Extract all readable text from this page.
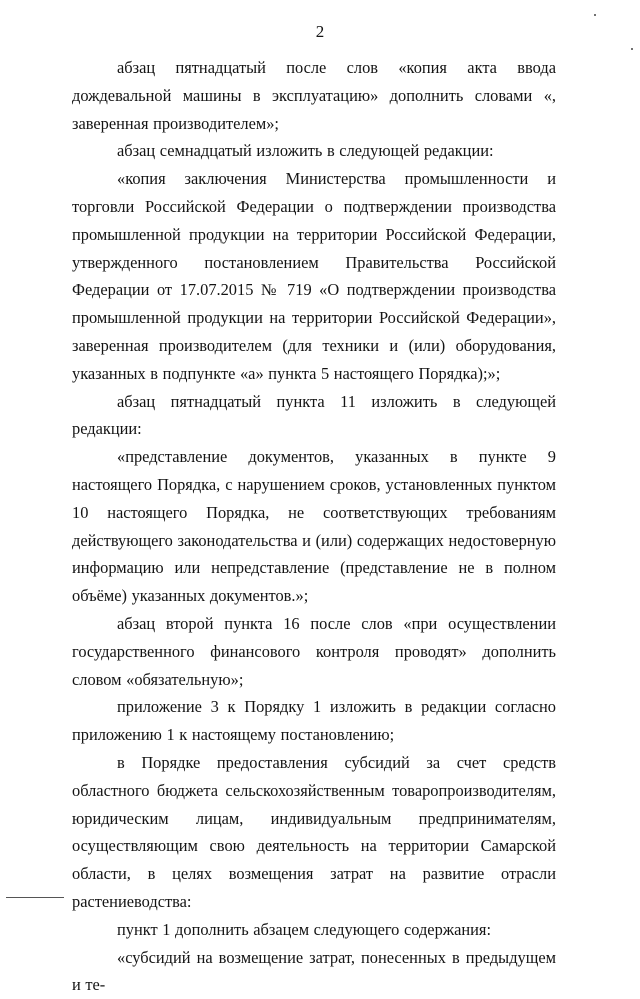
2

абзац пятнадцатый после слов «копия акта ввода дождевальной машины в эксплуатацию» дополнить словами «, заверенная производителем»;

абзац семнадцатый изложить в следующей редакции:

«копия заключения Министерства промышленности и торговли Российской Федерации о подтверждении производства промышленной продукции на территории Российской Федерации, утвержденного постановлением Правительства Российской Федерации от 17.07.2015 № 719 «О подтверждении производства промышленной продукции на территории Российской Федерации», заверенная производителем (для техники и (или) оборудования, указанных в подпункте «а» пункта 5 настоящего Порядка);»;

абзац пятнадцатый пункта 11 изложить в следующей редакции:

«представление документов, указанных в пункте 9 настоящего Порядка, с нарушением сроков, установленных пунктом 10 настоящего Порядка, не соответствующих требованиям действующего законодательства и (или) содержащих недостоверную информацию или непредставление (представление не в полном объёме) указанных документов.»;

абзац второй пункта 16 после слов «при осуществлении государственного финансового контроля проводят» дополнить словом «обязательную»;

приложение 3 к Порядку 1 изложить в редакции согласно приложению 1 к настоящему постановлению;

в Порядке предоставления субсидий за счет средств областного бюджета сельскохозяйственным товаропроизводителям, юридическим лицам, индивидуальным предпринимателям, осуществляющим свою деятельность на территории Самарской области, в целях возмещения затрат на развитие отрасли растениеводства:

пункт 1 дополнить абзацем следующего содержания:

«субсидий на возмещение затрат, понесенных в предыдущем и те-
